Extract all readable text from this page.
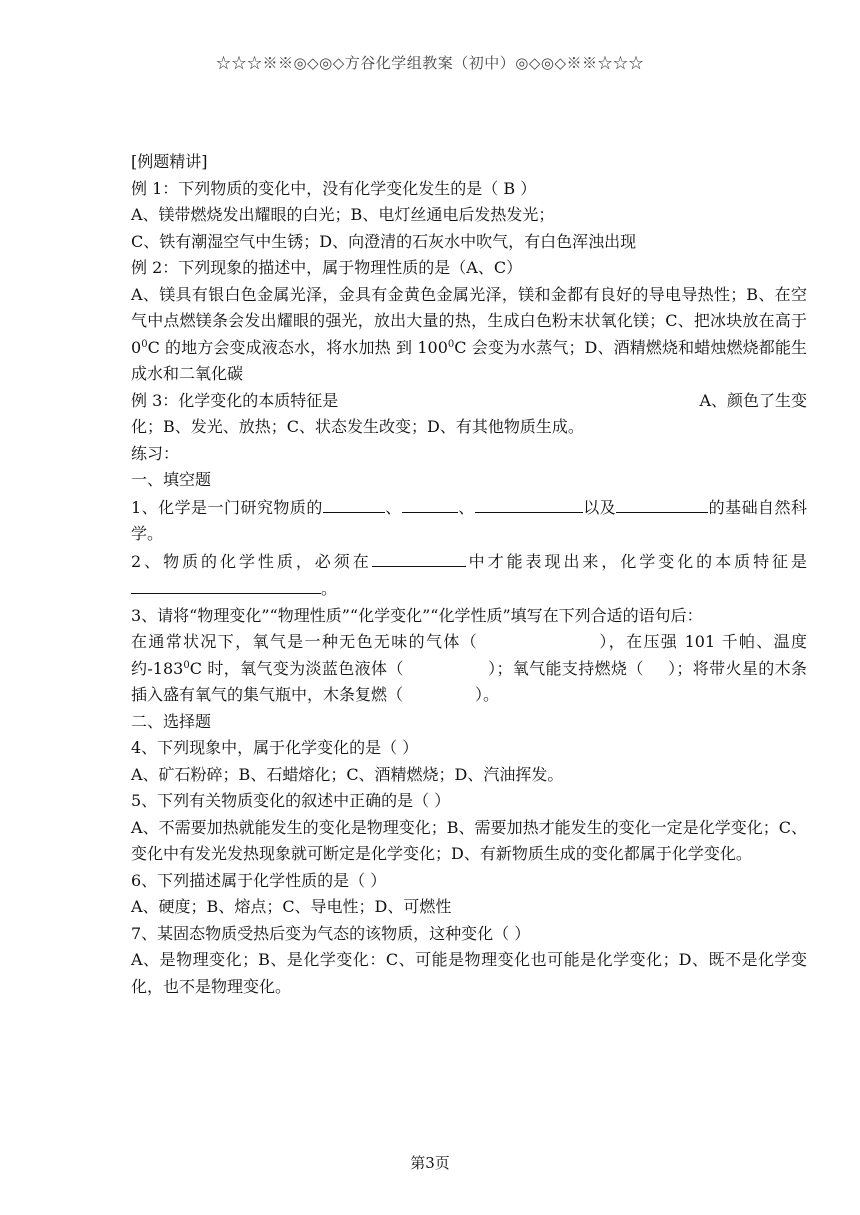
☆☆☆※※◎◇◎◇方谷化学组教案（初中）◎◇◎◇※※☆☆☆

[例题精讲]

例 1：下列物质的变化中，没有化学变化发生的是（ B ）

A、镁带燃烧发出耀眼的白光；B、电灯丝通电后发热发光；

C、铁有潮湿空气中生锈；D、向澄清的石灰水中吹气，有白色浑浊出现

例 2：下列现象的描述中，属于物理性质的是（A、C）

A、镁具有银白色金属光泽，金具有金黄色金属光泽，镁和金都有良好的导电导热性；B、在空气中点燃镁条会发出耀眼的强光，放出大量的热，生成白色粉末状氧化镁；C、把冰块放在高于 $0^0C$ 的地方会变成液态水，将水加热 到 $100^0C$ 会变为水蒸气；D、酒精燃烧和蜡烛燃烧都能生成水和二氧化碳

例 3：化学变化的本质特征是	A、颜色了生变

化；B、发光、放热；C、状态发生改变；D、有其他物质生成。

练习：

一、填空题

1、化学是一门研究物质的	、	、	以及	的基础自然科学。

2、物质的化学性质，必须在	中才能表现出来，化学变化的本质特征是。

3、请将“物理变化”“物理性质”“化学变化”“化学性质”填写在下列合适的语句后：

在通常状况下，氧气是一种无色无味的气体（	），在压强 101 千帕、温度约$-183^0C$ 时，氧气变为淡蓝色液体（	）；氧气能支持燃烧（ ）；将带火星的木条插入盛有氧气的集气瓶中，木条复燃（	）。

二、选择题

4、下列现象中，属于化学变化的是（ ）

A、矿石粉碎；B、石蜡熔化；C、酒精燃烧；D、汽油挥发。

5、下列有关物质变化的叙述中正确的是（ ）

A、不需要加热就能发生的变化是物理变化；B、需要加热才能发生的变化一定是化学变化；C、变化中有发光发热现象就可断定是化学变化；D、有新物质生成的变化都属于化学变化。

6、下列描述属于化学性质的是（ ）

A、硬度；B、熔点；C、导电性；D、可燃性

7、某固态物质受热后变为气态的该物质，这种变化（ ）

A、是物理变化；B、是化学变化：C、可能是物理变化也可能是化学变化；D、既不是化学变化，也不是物理变化。

第3页
